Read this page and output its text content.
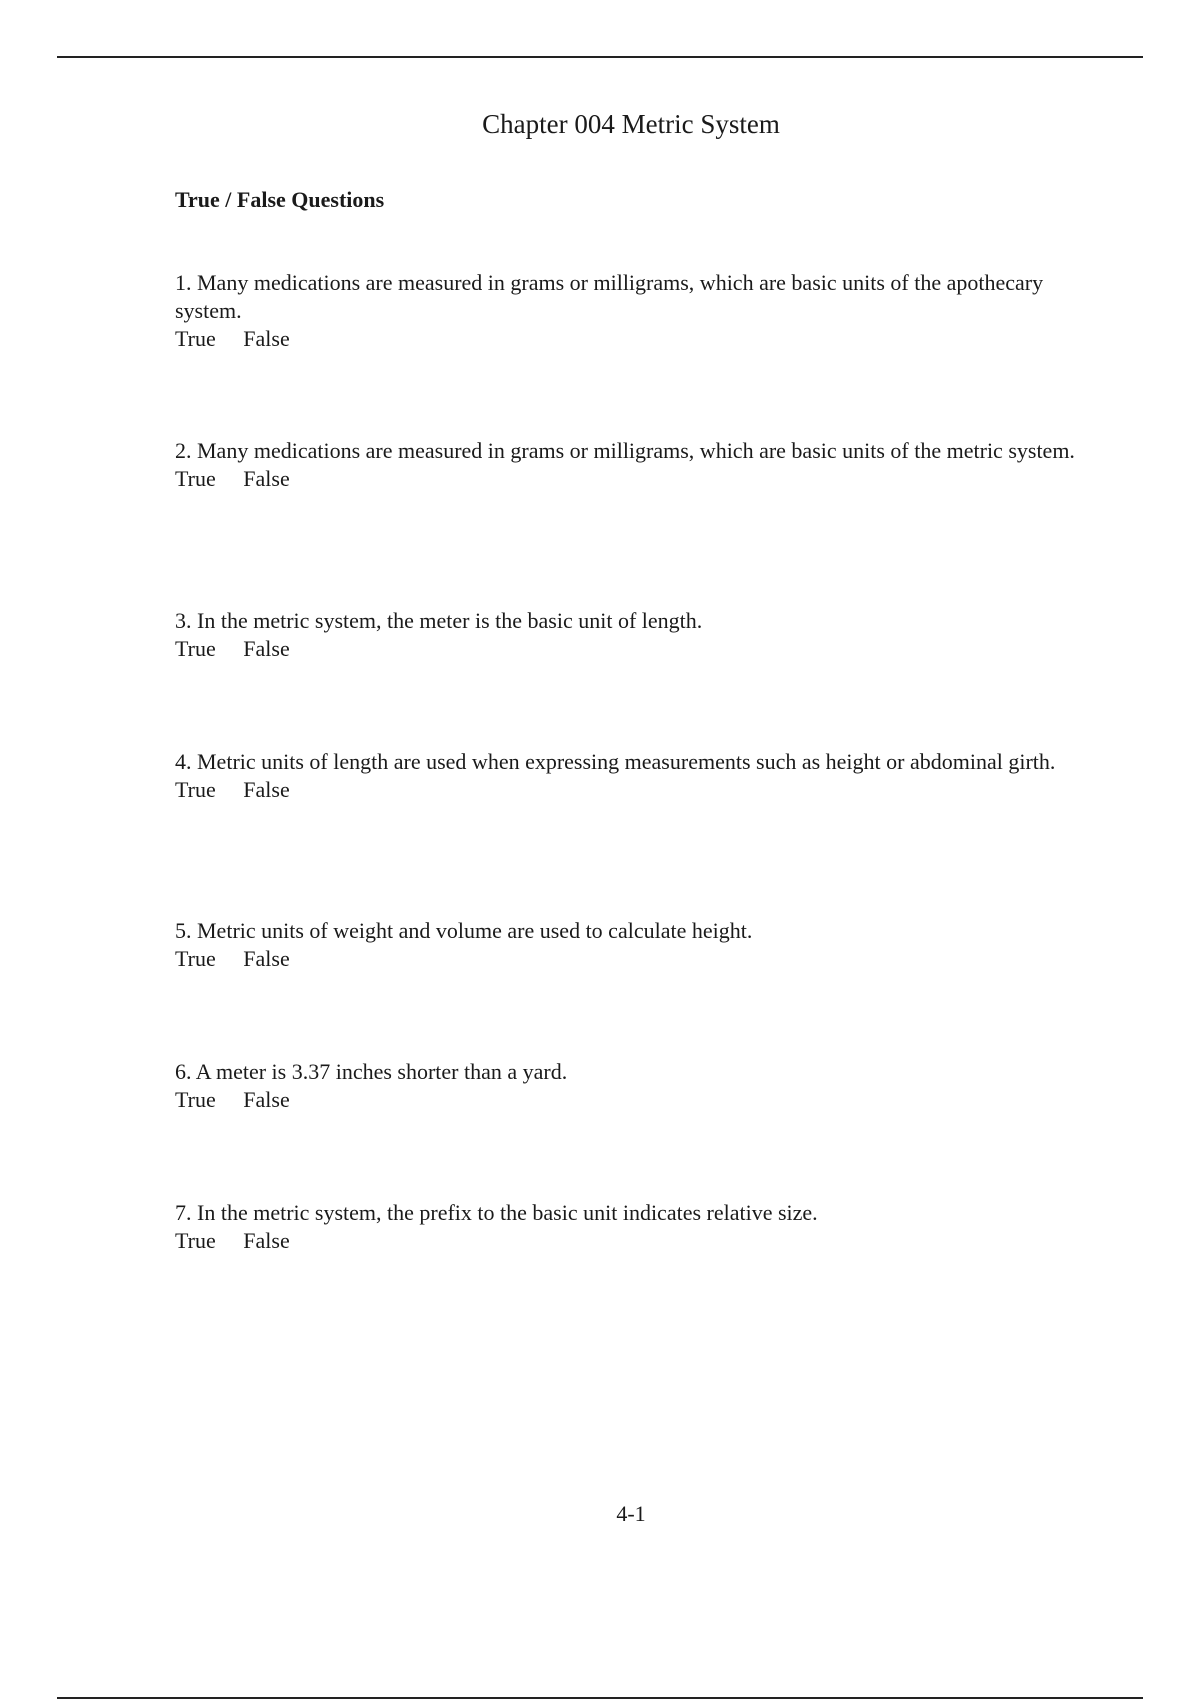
Chapter 004 Metric System
True / False Questions

1. Many medications are measured in grams or milligrams, which are basic units of the apothecary system.

True False

2. Many medications are measured in grams or milligrams, which are basic units of the metric system.

True False

3. In the metric system, the meter is the basic unit of length.

True False

4. Metric units of length are used when expressing measurements such as height or abdominal girth.

True False

5. Metric units of weight and volume are used to calculate height.

True False

6. A meter is 3.37 inches shorter than a yard.

True False

7. In the metric system, the prefix to the basic unit indicates relative size.

True False
4-1
